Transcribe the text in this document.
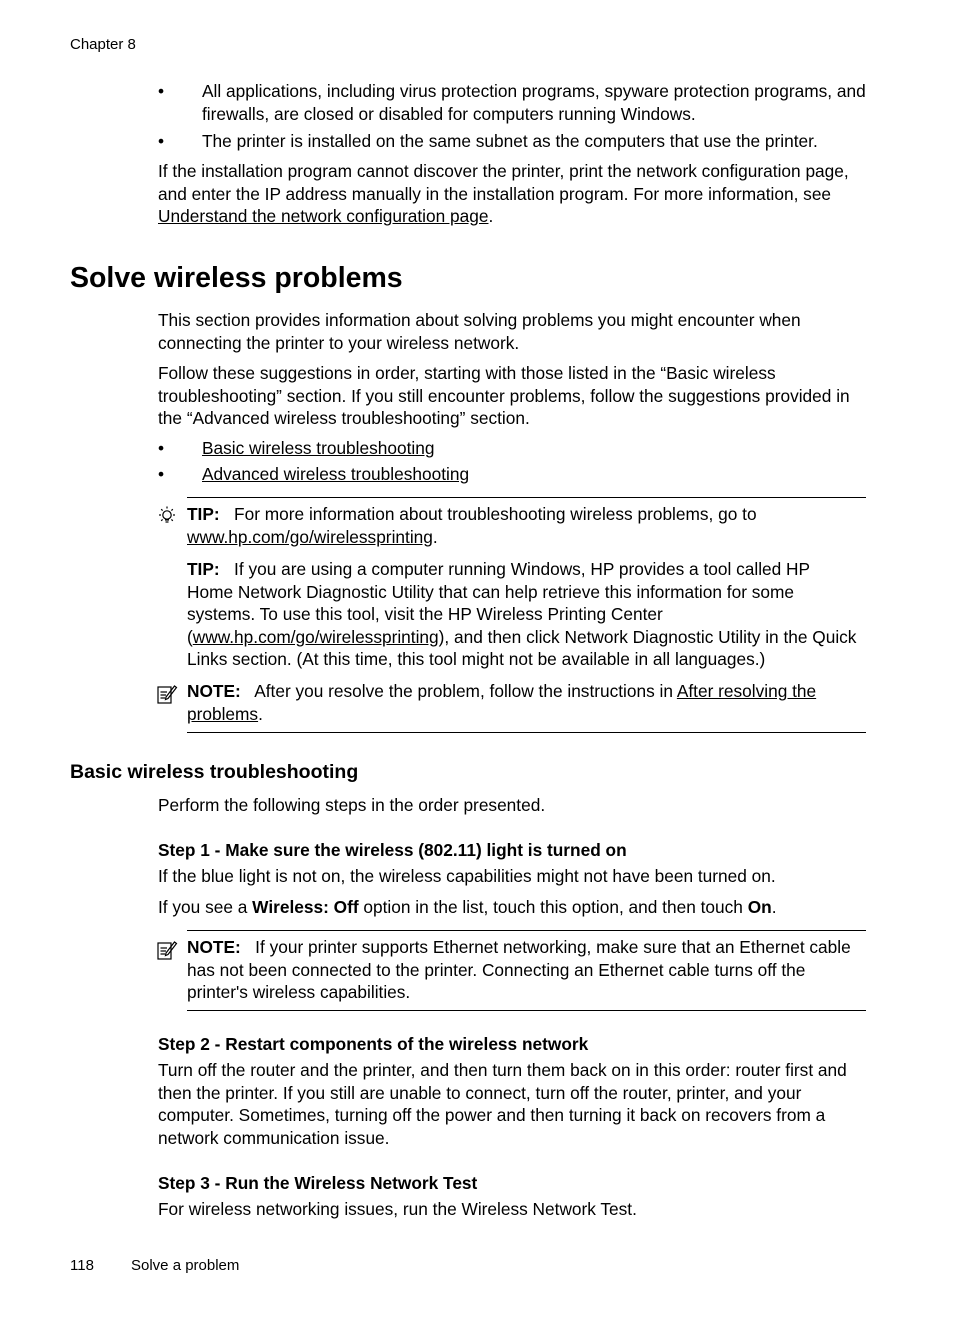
Chapter 8
• All applications, including virus protection programs, spyware protection programs, and firewalls, are closed or disabled for computers running Windows.
• The printer is installed on the same subnet as the computers that use the printer.
If the installation program cannot discover the printer, print the network configuration page, and enter the IP address manually in the installation program. For more information, see Understand the network configuration page.
Solve wireless problems
This section provides information about solving problems you might encounter when connecting the printer to your wireless network.
Follow these suggestions in order, starting with those listed in the “Basic wireless troubleshooting” section. If you still encounter problems, follow the suggestions provided in the “Advanced wireless troubleshooting” section.
• Basic wireless troubleshooting
• Advanced wireless troubleshooting
TIP: For more information about troubleshooting wireless problems, go to www.hp.com/go/wirelessprinting.
TIP: If you are using a computer running Windows, HP provides a tool called HP Home Network Diagnostic Utility that can help retrieve this information for some systems. To use this tool, visit the HP Wireless Printing Center (www.hp.com/go/wirelessprinting), and then click Network Diagnostic Utility in the Quick Links section. (At this time, this tool might not be available in all languages.)
NOTE: After you resolve the problem, follow the instructions in After resolving the problems.
Basic wireless troubleshooting
Perform the following steps in the order presented.
Step 1 - Make sure the wireless (802.11) light is turned on
If the blue light is not on, the wireless capabilities might not have been turned on.
If you see a Wireless: Off option in the list, touch this option, and then touch On.
NOTE: If your printer supports Ethernet networking, make sure that an Ethernet cable has not been connected to the printer. Connecting an Ethernet cable turns off the printer's wireless capabilities.
Step 2 - Restart components of the wireless network
Turn off the router and the printer, and then turn them back on in this order: router first and then the printer. If you still are unable to connect, turn off the router, printer, and your computer. Sometimes, turning off the power and then turning it back on recovers from a network communication issue.
Step 3 - Run the Wireless Network Test
For wireless networking issues, run the Wireless Network Test.
118 Solve a problem
